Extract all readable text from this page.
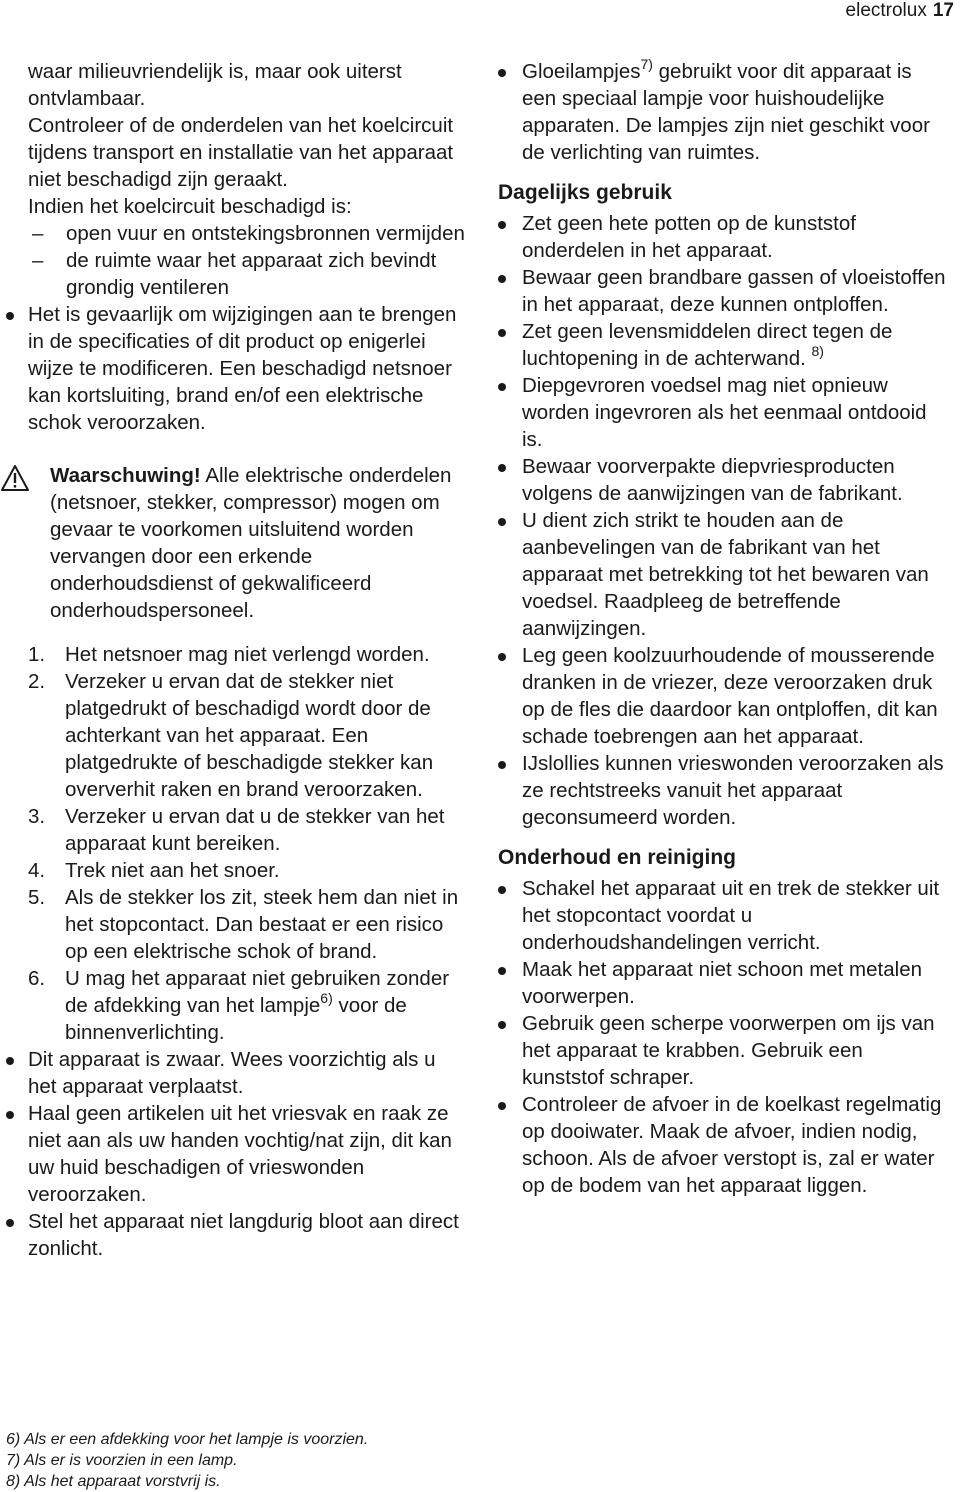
electrolux 17

waar milieuvriendelijk is, maar ook uiterst ontvlambaar.

Controleer of de onderdelen van het koelcircuit tijdens transport en installatie van het apparaat niet beschadigd zijn geraakt.

Indien het koelcircuit beschadigd is:

– open vuur en ontstekingsbronnen vermijden

– de ruimte waar het apparaat zich bevindt grondig ventileren

Het is gevaarlijk om wijzigingen aan te brengen in de specificaties of dit product op enigerlei wijze te modificeren. Een beschadigd netsnoer kan kortsluiting, brand en/of een elektrische schok veroorzaken.
Waarschuwing! Alle elektrische onderdelen (netsnoer, stekker, compressor) mogen om gevaar te voorkomen uitsluitend worden vervangen door een erkende onderhoudsdienst of gekwalificeerd onderhoudspersoneel.
1. Het netsnoer mag niet verlengd worden.
2. Verzeker u ervan dat de stekker niet platgedrukt of beschadigd wordt door de achterkant van het apparaat. Een platgedrukte of beschadigde stekker kan oververhit raken en brand veroorzaken.
3. Verzeker u ervan dat u de stekker van het apparaat kunt bereiken.
4. Trek niet aan het snoer.
5. Als de stekker los zit, steek hem dan niet in het stopcontact. Dan bestaat er een risico op een elektrische schok of brand.
6. U mag het apparaat niet gebruiken zonder de afdekking van het lampje$^{6)}$ voor de binnenverlichting.
Dit apparaat is zwaar. Wees voorzichtig als u het apparaat verplaatst.
Haal geen artikelen uit het vriesvak en raak ze niet aan als uw handen vochtig/nat zijn, dit kan uw huid beschadigen of vrieswonden veroorzaken.
Stel het apparaat niet langdurig bloot aan direct zonlicht.
Gloeilampjes$^{7)}$ gebruikt voor dit apparaat is een speciaal lampje voor huishoudelijke apparaten. De lampjes zijn niet geschikt voor de verlichting van ruimtes.
Dagelijks gebruik
Zet geen hete potten op de kunststof onderdelen in het apparaat.
Bewaar geen brandbare gassen of vloeistoffen in het apparaat, deze kunnen ontploffen.
Zet geen levensmiddelen direct tegen de luchtopening in de achterwand. $^{8)}$
Diepgevroren voedsel mag niet opnieuw worden ingevroren als het eenmaal ontdooid is.
Bewaar voorverpakte diepvriesproducten volgens de aanwijzingen van de fabrikant.
U dient zich strikt te houden aan de aanbevelingen van de fabrikant van het apparaat met betrekking tot het bewaren van voedsel. Raadpleeg de betreffende aanwijzingen.
Leg geen koolzuurhoudende of mousserende dranken in de vriezer, deze veroorzaken druk op de fles die daardoor kan ontploffen, dit kan schade toebrengen aan het apparaat.
IJslollies kunnen vrieswonden veroorzaken als ze rechtstreeks vanuit het apparaat geconsumeerd worden.
Onderhoud en reiniging
Schakel het apparaat uit en trek de stekker uit het stopcontact voordat u onderhoudshandelingen verricht.
Maak het apparaat niet schoon met metalen voorwerpen.
Gebruik geen scherpe voorwerpen om ijs van het apparaat te krabben. Gebruik een kunststof schraper.
Controleer de afvoer in de koelkast regelmatig op dooiwater. Maak de afvoer, indien nodig, schoon. Als de afvoer verstopt is, zal er water op de bodem van het apparaat liggen.
6) Als er een afdekking voor het lampje is voorzien.
7) Als er is voorzien in een lamp.
8) Als het apparaat vorstvrij is.
